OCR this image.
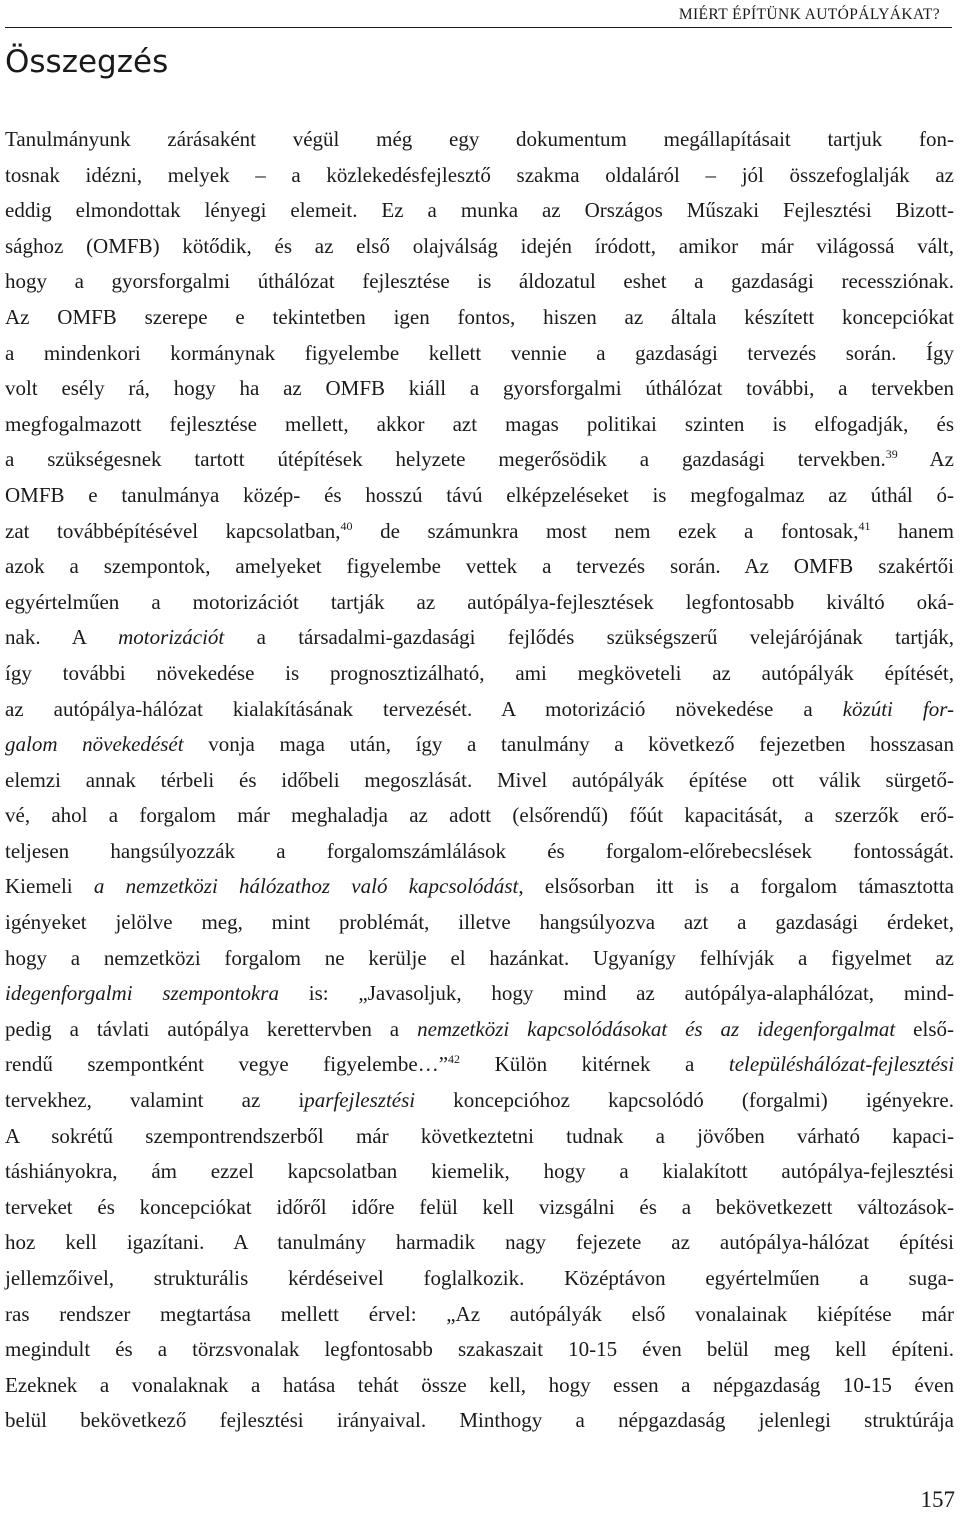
MIÉRT ÉPÍTÜNK AUTÓPÁLYÁKAT?
Összegzés

Tanulmányunk zárásaként végül még egy dokumentum megállapításait tartjuk fon-

tosnak idézni, melyek – a közlekedésfejlesztő szakma oldaláról – jól összefoglalják az

eddig elmondottak lényegi elemeit. Ez a munka az Országos Műszaki Fejlesztési Bizott-

sághoz (OMFB) kötődik, és az első olajválság idején íródott, amikor már világossá vált,

hogy a gyorsforgalmi úthálózat fejlesztése is áldozatul eshet a gazdasági recessziónak.

Az OMFB szerepe e tekintetben igen fontos, hiszen az általa készített koncepciókat

a mindenkori kormánynak figyelembe kellett vennie a gazdasági tervezés során. Így

volt esély rá, hogy ha az OMFB kiáll a gyorsforgalmi úthálózat további, a tervekben

megfogalmazott fejlesztése mellett, akkor azt magas politikai szinten is elfogadják, és

a szükségesnek tartott útépítések helyzete megerősödik a gazdasági tervekben.$^{39}$ Az

OMFB e tanulmánya közép- és hosszú távú elképzeléseket is megfogalmaz az úthál ó-

zat továbbépítésével kapcsolatban,$^{40}$ de számunkra most nem ezek a fontosak,$^{41}$ hanem

azok a szempontok, amelyeket figyelembe vettek a tervezés során. Az OMFB szakértői

egyértelműen a motorizációt tartják az autópálya-fejlesztések legfontosabb kiváltó oká-

nak. A motorizációt a társadalmi-gazdasági fejlődés szükségszerű velejárójának tartják,

így további növekedése is prognosztizálható, ami megköveteli az autópályák építését,

az autópálya-hálózat kialakításának tervezését. A motorizáció növekedése a közúti for-

galom növekedését vonja maga után, így a tanulmány a következő fejezetben hosszasan

elemzi annak térbeli és időbeli megoszlását. Mivel autópályák építése ott válik sürgető-

vé, ahol a forgalom már meghaladja az adott (elsőrendű) főút kapacitását, a szerzők erő-

teljesen hangsúlyozzák a forgalomszámlálások és forgalom-előrebecslések fontosságát.

Kiemeli a nemzetközi hálózathoz való kapcsolódást, elsősorban itt is a forgalom támasztotta

igényeket jelölve meg, mint problémát, illetve hangsúlyozva azt a gazdasági érdeket,

hogy a nemzetközi forgalom ne kerülje el hazánkat. Ugyanígy felhívják a figyelmet az

idegenforgalmi szempontokra is: „Javasoljuk, hogy mind az autópálya-alaphálózat, mind-

pedig a távlati autópálya kerettervben a nemzetközi kapcsolódásokat és az idegenforgalmat első-

rendű szempontként vegye figyelembe…”$^{42}$ Külön kitérnek a településhálózat-fejlesztési

tervekhez, valamint az iparfejlesztési koncepcióhoz kapcsolódó (forgalmi) igényekre.

A sokrétű szempontrendszerből már következtetni tudnak a jövőben várható kapaci-

táshiányokra, ám ezzel kapcsolatban kiemelik, hogy a kialakított autópálya-fejlesztési

terveket és koncepciókat időről időre felül kell vizsgálni és a bekövetkezett változások-

hoz kell igazítani. A tanulmány harmadik nagy fejezete az autópálya-hálózat építési

jellemzőivel, strukturális kérdéseivel foglalkozik. Középtávon egyértelműen a suga-

ras rendszer megtartása mellett érvel: „Az autópályák első vonalainak kiépítése már

megindult és a törzsvonalak legfontosabb szakaszait 10-15 éven belül meg kell építeni.

Ezeknek a vonalaknak a hatása tehát össze kell, hogy essen a népgazdaság 10-15 éven

belül bekövetkező fejlesztési irányaival. Minthogy a népgazdaság jelenlegi struktúrája

157
